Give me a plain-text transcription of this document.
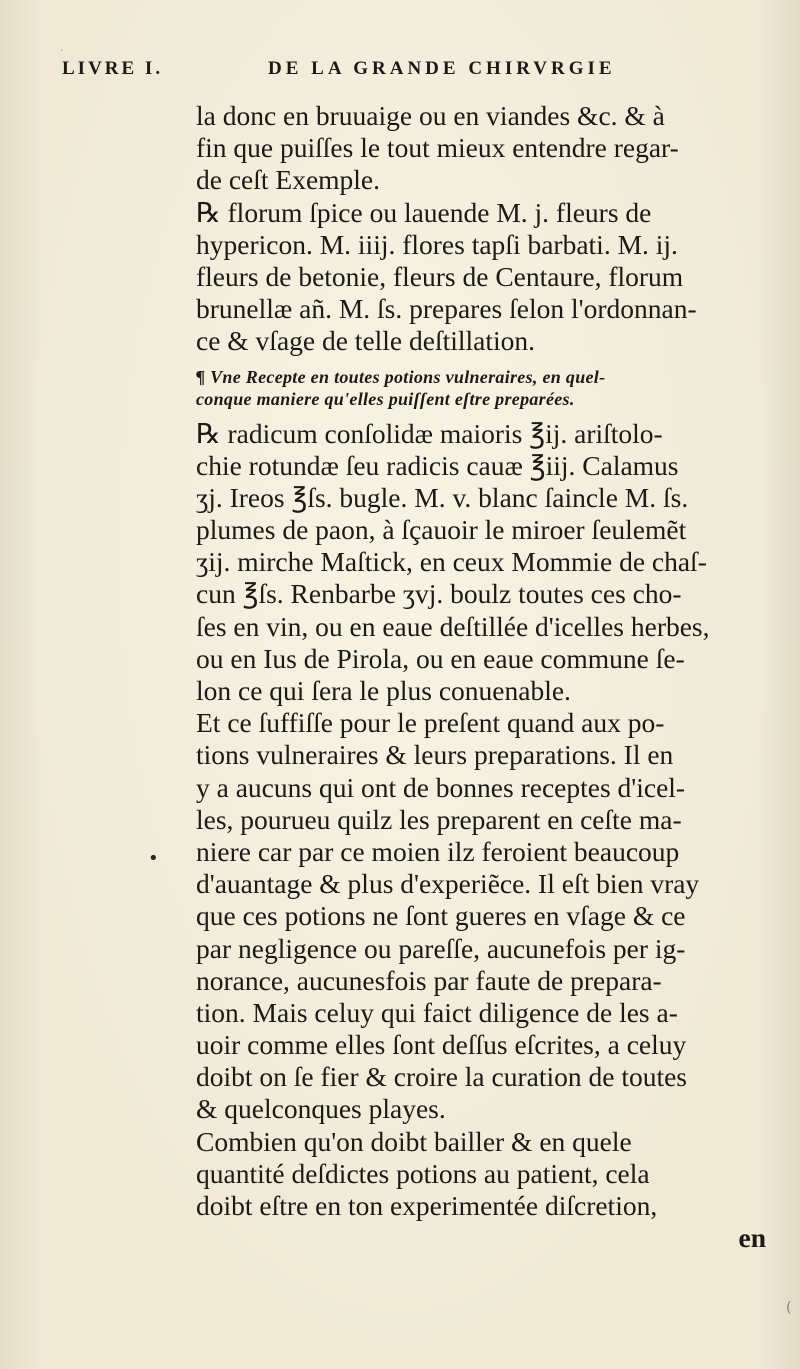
LIVRE I.	DE LA GRANDE CHIRVRGIE
la donc en bruuaige ou en viandes &c. & à
fin que puiſſes le tout mieux entendre regar-
de ceſt Exemple.
℞ florum ſpice ou lauende M. j. fleurs de
hypericon. M. iiij. flores tapſi barbati. M. ij.
fleurs de betonie, fleurs de Centaure, florum
brunellæ añ. M. ſs. prepares ſelon l'ordonnan-
ce & vſage de telle deſtillation.
¶ Vne Recepte en toutes potions vulneraires, en quel-
conque maniere qu'elles puiſſent eſtre preparées.
℞ radicum conſolidæ maioris ℥ij. ariſtolo-
chie rotundæ ſeu radicis cauæ ℥iij. Calamus
ʒj. Ireos ℥ſs. bugle. M. v. blanc ſaincle M. ſs.
plumes de paon, à ſçauoir le miroer ſeulemẽt
ʒij. mirche Maſtick, en ceux Mommie de chaſ-
cun ℥ſs. Renbarbe ʒvj. boulz toutes ces cho-
ſes en vin, ou en eaue deſtillée d'icelles herbes,
ou en Ius de Pirola, ou en eaue commune ſe-
lon ce qui ſera le plus conuenable.
Et ce ſuffiſſe pour le preſent quand aux po-
tions vulneraires & leurs preparations. Il en
y a aucuns qui ont de bonnes receptes d'icel-
les, pourueu quilz les preparent en ceſte ma-
niere car par ce moien ilz feroient beaucoup
d'auantage & plus d'experiẽce. Il eſt bien vray
que ces potions ne ſont gueres en vſage & ce
par negligence ou pareſſe, aucunefois per ig-
norance, aucunesfois par faute de prepara-
tion. Mais celuy qui faict diligence de les a-
uoir comme elles ſont deſſus eſcrites, a celuy
doibt on ſe fier & croire la curation de toutes
& quelconques playes.
Combien qu'on doibt bailler & en quele
quantité deſdictes potions au patient, cela
doibt eſtre en ton experimentée diſcretion,
en
·
•
(
